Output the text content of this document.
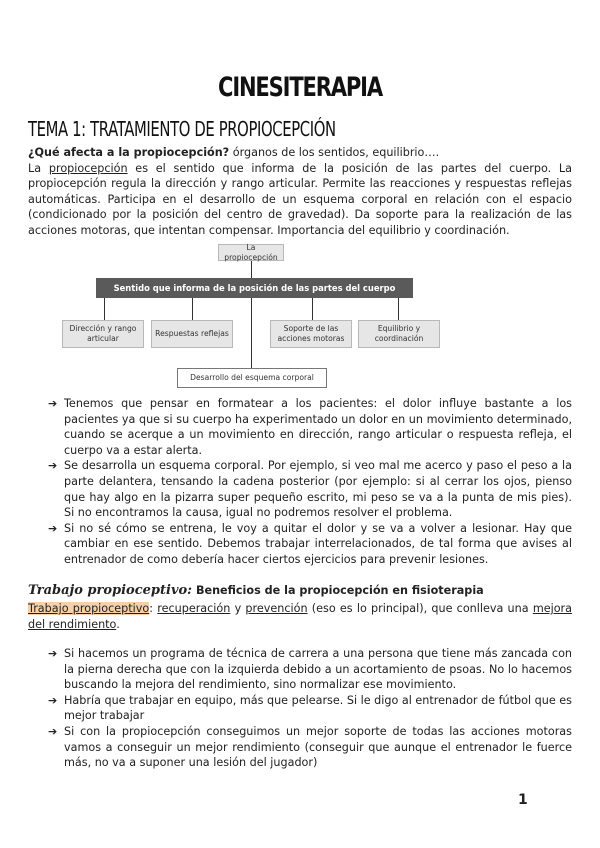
CINESITERAPIA
TEMA 1: TRATAMIENTO DE PROPIOCEPCIÓN

¿Qué afecta a la propiocepción? órganos de los sentidos, equilibrio….
La propiocepción es el sentido que informa de la posición de las partes del cuerpo. La propiocepción regula la dirección y rango articular. Permite las reacciones y respuestas reflejas automáticas. Participa en el desarrollo de un esquema corporal en relación con el espacio (condicionado por la posición del centro de gravedad). Da soporte para la realización de las acciones motoras, que intentan compensar. Importancia del equilibrio y coordinación.

La propiocepción
Sentido que informa de la posición de las partes del cuerpo
Dirección y rango articular
Respuestas reflejas
Soporte de las acciones motoras
Equilibrio y coordinación
Desarrollo del esquema corporal
➔ Tenemos que pensar en formatear a los pacientes: el dolor influye bastante a los pacientes ya que si su cuerpo ha experimentado un dolor en un movimiento determinado, cuando se acerque a un movimiento en dirección, rango articular o respuesta refleja, el cuerpo va a estar alerta.
➔ Se desarrolla un esquema corporal. Por ejemplo, si veo mal me acerco y paso el peso a la parte delantera, tensando la cadena posterior (por ejemplo: si al cerrar los ojos, pienso que hay algo en la pizarra super pequeño escrito, mi peso se va a la punta de mis pies). Si no encontramos la causa, igual no podremos resolver el problema.
➔ Si no sé cómo se entrena, le voy a quitar el dolor y se va a volver a lesionar. Hay que cambiar en ese sentido. Debemos trabajar interrelacionados, de tal forma que avises al entrenador de como debería hacer ciertos ejercicios para prevenir lesiones.

Trabajo propioceptivo: Beneficios de la propiocepción en fisioterapia

Trabajo propioceptivo: recuperación y prevención (eso es lo principal), que conlleva una mejora del rendimiento.

➔ Si hacemos un programa de técnica de carrera a una persona que tiene más zancada con la pierna derecha que con la izquierda debido a un acortamiento de psoas. No lo hacemos buscando la mejora del rendimiento, sino normalizar ese movimiento.
➔ Habría que trabajar en equipo, más que pelearse. Si le digo al entrenador de fútbol que es mejor trabajar
➔ Si con la propiocepción conseguimos un mejor soporte de todas las acciones motoras vamos a conseguir un mejor rendimiento (conseguir que aunque el entrenador le fuerce más, no va a suponer una lesión del jugador)

1
